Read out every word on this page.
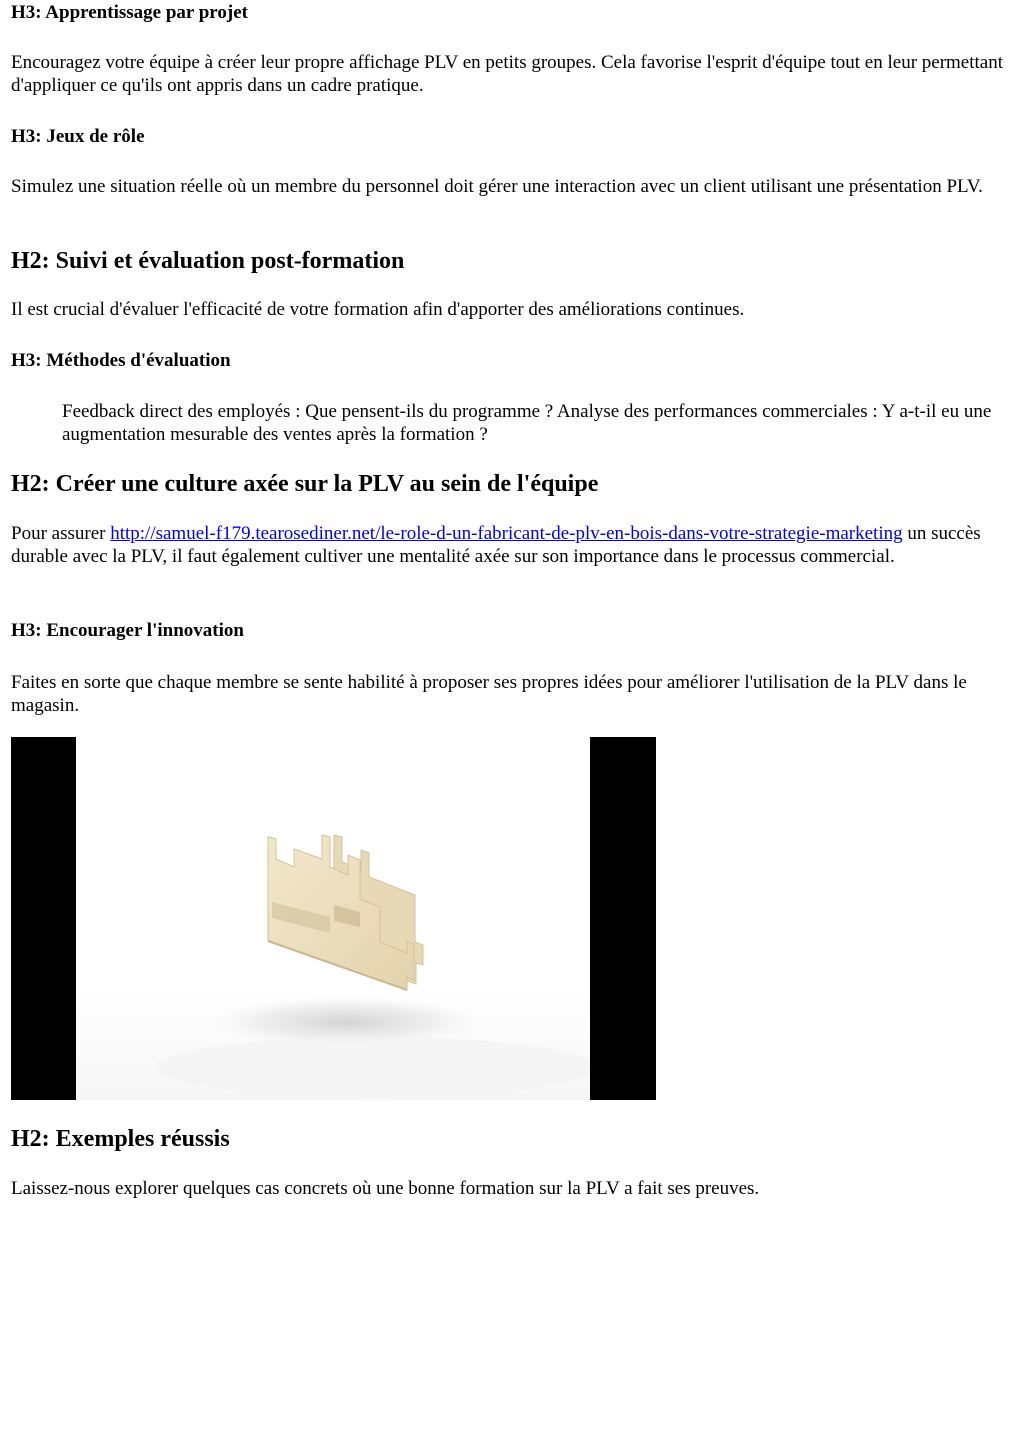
H3: Apprentissage par projet

Encouragez votre équipe à créer leur propre affichage PLV en petits groupes. Cela favorise l'esprit d'équipe tout en leur permettant d'appliquer ce qu'ils ont appris dans un cadre pratique.

H3: Jeux de rôle

Simulez une situation réelle où un membre du personnel doit gérer une interaction avec un client utilisant une présentation PLV.

H2: Suivi et évaluation post-formation

Il est crucial d'évaluer l'efficacité de votre formation afin d'apporter des améliorations continues.

H3: Méthodes d'évaluation

Feedback direct des employés : Que pensent-ils du programme ? Analyse des performances commerciales : Y a-t-il eu une augmentation mesurable des ventes après la formation ?

H2: Créer une culture axée sur la PLV au sein de l'équipe

Pour assurer http://samuel-f179.tearosediner.net/le-role-d-un-fabricant-de-plv-en-bois-dans-votre-strategie-marketing un succès durable avec la PLV, il faut également cultiver une mentalité axée sur son importance dans le processus commercial.

H3: Encourager l'innovation

Faites en sorte que chaque membre se sente habilité à proposer ses propres idées pour améliorer l'utilisation de la PLV dans le magasin.

H2: Exemples réussis

Laissez-nous explorer quelques cas concrets où une bonne formation sur la PLV a fait ses preuves.
